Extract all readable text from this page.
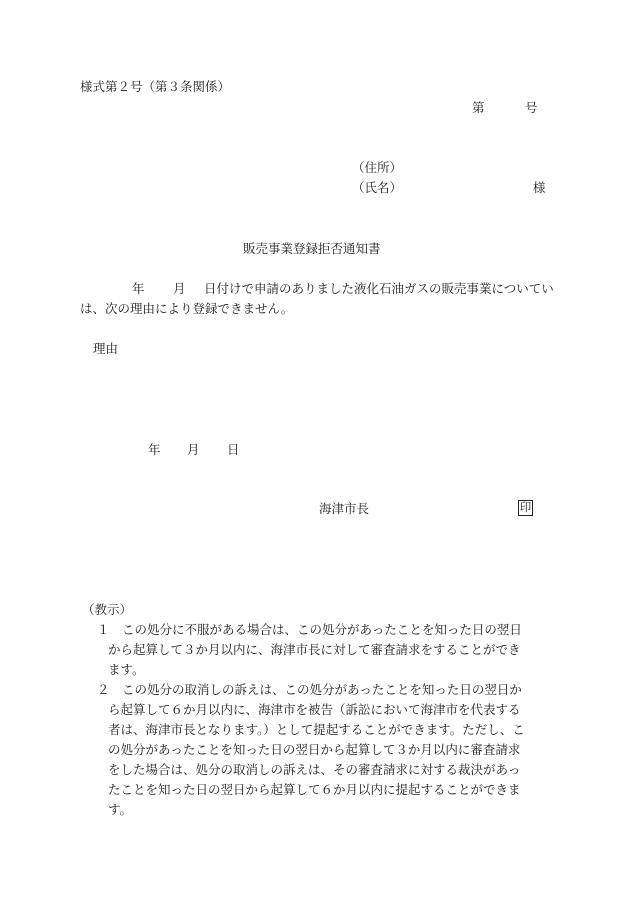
様式第２号（第３条関係）
第	号
（住所）
（氏名）	様
販売事業登録拒否通知書
年 月 日付けで申請のありました液化石油ガスの販売事業についてい
は、次の理由により登録できません。
理由
年 月 日
海津市長	印
（教示）
１ この処分に不服がある場合は、この処分があったことを知った日の翌日
から起算して３か月以内に、海津市長に対して審査請求をすることができ
ます。
２ この処分の取消しの訴えは、この処分があったことを知った日の翌日か
ら起算して６か月以内に、海津市を被告（訴訟において海津市を代表する
者は、海津市長となります。）として提起することができます。ただし、こ
の処分があったことを知った日の翌日から起算して３か月以内に審査請求
をした場合は、処分の取消しの訴えは、その審査請求に対する裁決があっ
たことを知った日の翌日から起算して６か月以内に提起することができま
す。
